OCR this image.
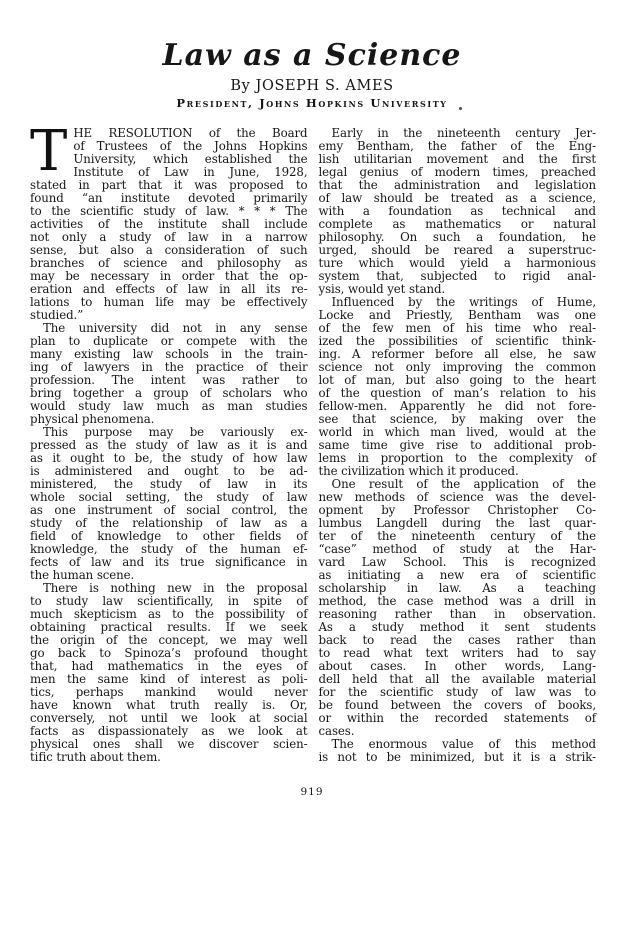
Law as a Science
By JOSEPH S. AMES
President, Johns Hopkins University
T HE RESOLUTION of the Board
of Trustees of the Johns Hopkins
University, which established the
Institute of Law in June, 1928,
stated in part that it was proposed to
found “an institute devoted primarily
to the scientific study of law. * * * The
activities of the institute shall include
not only a study of law in a narrow
sense, but also a consideration of such
branches of science and philosophy as
may be necessary in order that the op-
eration and effects of law in all its re-
lations to human life may be effectively
studied.”
The university did not in any sense
plan to duplicate or compete with the
many existing law schools in the train-
ing of lawyers in the practice of their
profession. The intent was rather to
bring together a group of scholars who
would study law much as man studies
physical phenomena.
This purpose may be variously ex-
pressed as the study of law as it is and
as it ought to be, the study of how law
is administered and ought to be ad-
ministered, the study of law in its
whole social setting, the study of law
as one instrument of social control, the
study of the relationship of law as a
field of knowledge to other fields of
knowledge, the study of the human ef-
fects of law and its true significance in
the human scene.
There is nothing new in the proposal
to study law scientifically, in spite of
much skepticism as to the possibility of
obtaining practical results. If we seek
the origin of the concept, we may well
go back to Spinoza’s profound thought
that, had mathematics in the eyes of
men the same kind of interest as poli-
tics, perhaps mankind would never
have known what truth really is. Or,
conversely, not until we look at social
facts as dispassionately as we look at
physical ones shall we discover scien-
tific truth about them.
Early in the nineteenth century Jer-
emy Bentham, the father of the Eng-
lish utilitarian movement and the first
legal genius of modern times, preached
that the administration and legislation
of law should be treated as a science,
with a foundation as technical and
complete as mathematics or natural
philosophy. On such a foundation, he
urged, should be reared a superstruc-
ture which would yield a harmonious
system that, subjected to rigid anal-
ysis, would yet stand.
Influenced by the writings of Hume,
Locke and Priestly, Bentham was one
of the few men of his time who real-
ized the possibilities of scientific think-
ing. A reformer before all else, he saw
science not only improving the common
lot of man, but also going to the heart
of the question of man’s relation to his
fellow-men. Apparently he did not fore-
see that science, by making over the
world in which man lived, would at the
same time give rise to additional prob-
lems in proportion to the complexity of
the civilization which it produced.
One result of the application of the
new methods of science was the devel-
opment by Professor Christopher Co-
lumbus Langdell during the last quar-
ter of the nineteenth century of the
“case” method of study at the Har-
vard Law School. This is recognized
as initiating a new era of scientific
scholarship in law. As a teaching
method, the case method was a drill in
reasoning rather than in observation.
As a study method it sent students
back to read the cases rather than
to read what text writers had to say
about cases. In other words, Lang-
dell held that all the available material
for the scientific study of law was to
be found between the covers of books,
or within the recorded statements of
cases.
The enormous value of this method
is not to be minimized, but it is a strik-
919
